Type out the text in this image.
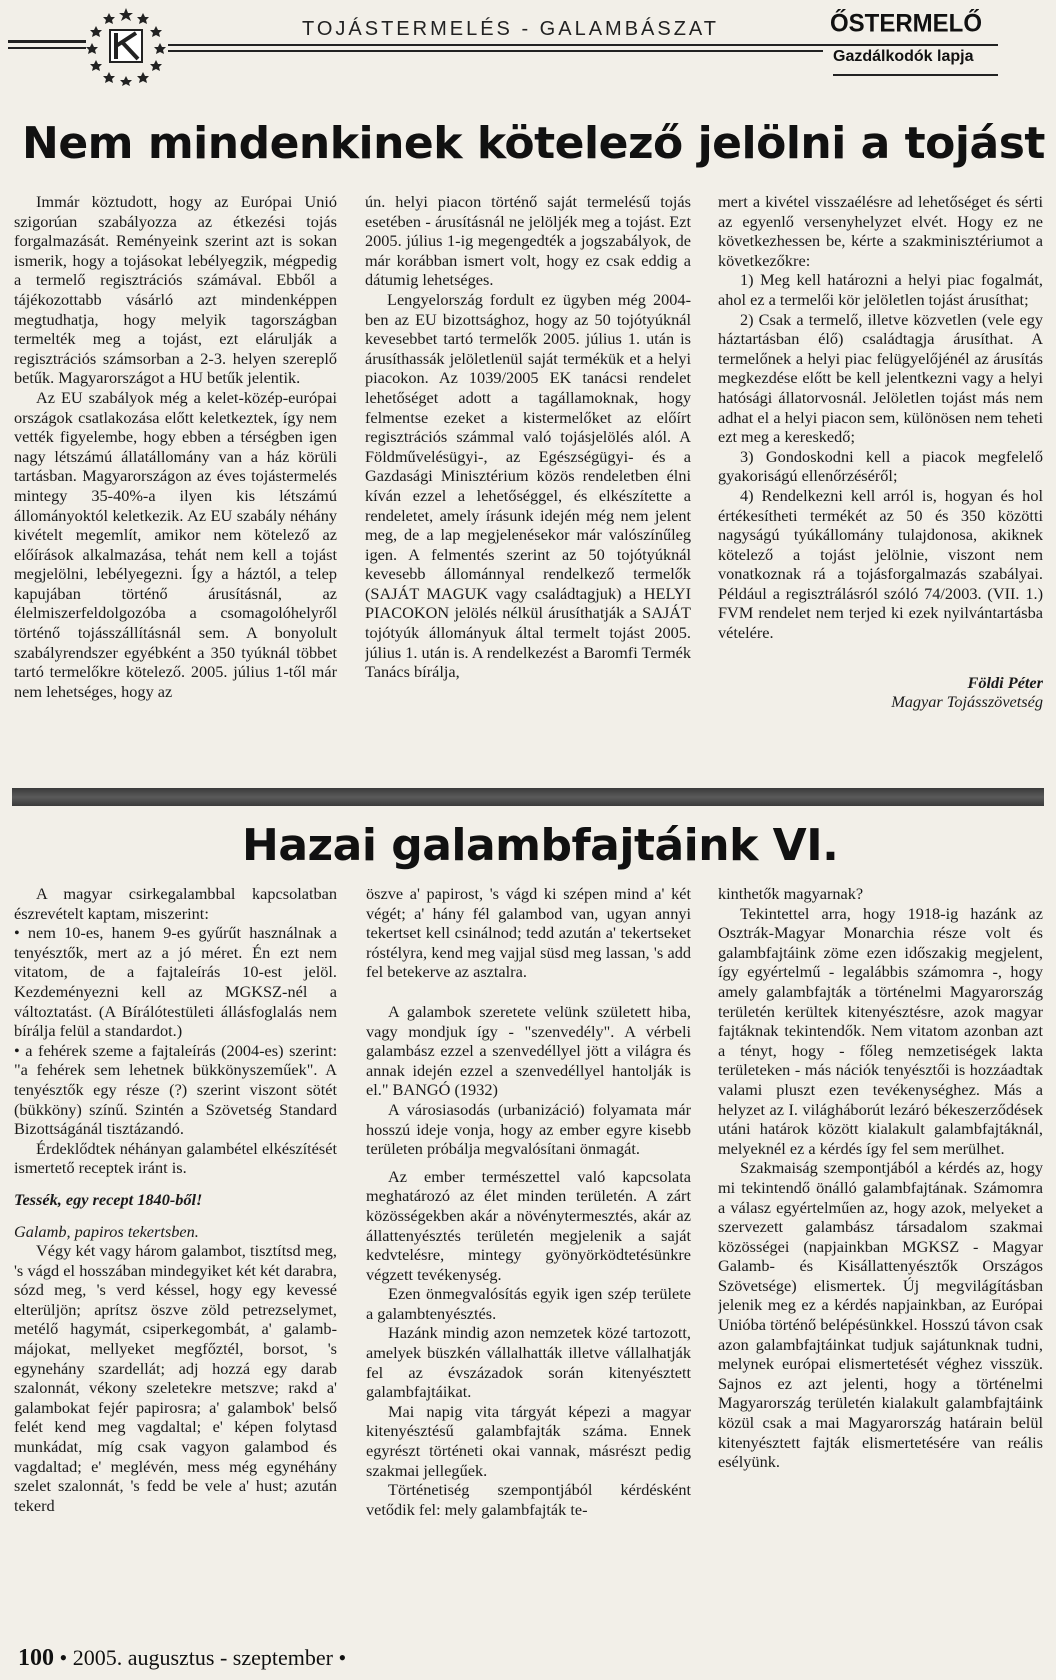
TOJÁSTERMELÉS - GALAMBÁSZAT	ŐSTERMELŐ
Gazdálkodók lapja
Nem mindenkinek kötelező jelölni a tojást

Immár köztudott, hogy az Európai Unió szigorúan szabályozza az étkezési tojás forgalmazását. Reményeink szerint azt is sokan ismerik, hogy a tojásokat lebélyegzik, mégpedig a termelő regisztrációs számával. Ebből a tájékozottabb vásárló azt mindenképpen megtudhatja, hogy melyik tagországban termelték meg a tojást, ezt elárulják a regisztrációs számsorban a 2-3. helyen szereplő betűk. Magyarországot a HU betűk jelentik.

Az EU szabályok még a kelet-közép-európai országok csatlakozása előtt keletkeztek, így nem vették figyelembe, hogy ebben a térségben igen nagy létszámú állatállomány van a ház körüli tartásban. Magyarországon az éves tojástermelés mintegy 35-40%-a ilyen kis létszámú állományoktól keletkezik. Az EU szabály néhány kivételt megemlít, amikor nem kötelező az előírások alkalmazása, tehát nem kell a tojást megjelölni, lebélyegezni. Így a háztól, a telep kapujában történő árusításnál, az élelmiszerfeldolgozóba a csomagolóhelyről történő tojásszállításnál sem. A bonyolult szabályrendszer egyébként a 350 tyúknál többet tartó termelőkre kötelező. 2005. július 1-től már nem lehetséges, hogy az

ún. helyi piacon történő saját termelésű tojás esetében - árusításnál ne jelöljék meg a tojást. Ezt 2005. július 1-ig megengedték a jogszabályok, de már korábban ismert volt, hogy ez csak eddig a dátumig lehetséges.

Lengyelország fordult ez ügyben még 2004-ben az EU bizottsághoz, hogy az 50 tojótyúknál kevesebbet tartó termelők 2005. július 1. után is árusíthassák jelöletlenül saját termékük et a helyi piacokon. Az 1039/2005 EK tanácsi rendelet lehetőséget adott a tagállamoknak, hogy felmentse ezeket a kistermelőket az előírt regisztrációs számmal való tojásjelölés alól. A Földművelésügyi-, az Egészségügyi- és a Gazdasági Minisztérium közös rendeletben élni kíván ezzel a lehetőséggel, és elkészítette a rendeletet, amely írásunk idején még nem jelent meg, de a lap megjelenésekor már valószínűleg igen. A felmentés szerint az 50 tojótyúknál kevesebb állománnyal rendelkező termelők (SAJÁT MAGUK vagy családtagjuk) a HELYI PIACOKON jelölés nélkül árusíthatják a SAJÁT tojótyúk állományuk által termelt tojást 2005. július 1. után is. A rendelkezést a Baromfi Termék Tanács bírálja,

mert a kivétel visszaélésre ad lehetőséget és sérti az egyenlő versenyhelyzet elvét. Hogy ez ne következhessen be, kérte a szakminisztériumot a következőkre:

1) Meg kell határozni a helyi piac fogalmát, ahol ez a termelői kör jelöletlen tojást árusíthat;

2) Csak a termelő, illetve közvetlen (vele egy háztartásban élő) családtagja árusíthat. A termelőnek a helyi piac felügyelőjénél az árusítás megkezdése előtt be kell jelentkezni vagy a helyi hatósági állatorvosnál. Jelöletlen tojást más nem adhat el a helyi piacon sem, különösen nem teheti ezt meg a kereskedő;

3) Gondoskodni kell a piacok megfelelő gyakoriságú ellenőrzéséről;

4) Rendelkezni kell arról is, hogyan és hol értékesítheti termékét az 50 és 350 közötti nagyságú tyúkállomány tulajdonosa, akiknek kötelező a tojást jelölnie, viszont nem vonatkoznak rá a tojásforgalmazás szabályai. Például a regisztrálásról szóló 74/2003. (VII. 1.) FVM rendelet nem terjed ki ezek nyilvántartásba vételére.

Földi Péter

Magyar Tojásszövetség

Hazai galambfajtáink VI.

A magyar csirkegalambbal kapcsolatban észrevételt kaptam, miszerint:

• nem 10-es, hanem 9-es gyűrűt használnak a tenyésztők, mert az a jó méret. Én ezt nem vitatom, de a fajtaleírás 10-est jelöl. Kezdeményezni kell az MGKSZ-nél a változtatást. (A Bírálótestületi állásfoglalás nem bírálja felül a standardot.)

• a fehérek szeme a fajtaleírás (2004-es) szerint: "a fehérek sem lehetnek bükkönyszeműek". A tenyésztők egy része (?) szerint viszont sötét (bükköny) színű. Szintén a Szövetség Standard Bizottságánál tisztázandó.

Érdeklődtek néhányan galambétel elkészítését ismertető receptek iránt is.

Tessék, egy recept 1840-ből!

Galamb, papiros tekertsben.

Végy két vagy három galambot, tisztítsd meg, 's vágd el hosszában mindegyiket két két darabra, sózd meg, 's verd késsel, hogy egy kevessé elterüljön; aprítsz öszve zöld petrezselymet, metélő hagymát, csiperkegombát, a' galamb-májokat, mellyeket megfőztél, borsot, 's egynehány szardellát; adj hozzá egy darab szalonnát, vékony szeletekre metszve; rakd a' galambokat fejér papirosra; a' galambok' belső felét kend meg vagdaltal; e' képen folytasd munkádat, míg csak vagyon galambod és vagdaltad; e' meglévén, mess még egynéhány szelet szalonnát, 's fedd be vele a' hust; azután tekerd

öszve a' papirost, 's vágd ki szépen mind a' két végét; a' hány fél galambod van, ugyan annyi tekertset kell csinálnod; tedd azután a' tekertseket róstélyra, kend meg vajjal süsd meg lassan, 's add fel betekerve az asztalra.

A galambok szeretete velünk született hiba, vagy mondjuk így - "szenvedély". A vérbeli galambász ezzel a szenvedéllyel jött a világra és annak idején ezzel a szenvedéllyel hantolják is el." BANGÓ (1932)

A városiasodás (urbanizáció) folyamata már hosszú ideje vonja, hogy az ember egyre kisebb területen próbálja megvalósítani önmagát.

Az ember természettel való kapcsolata meghatározó az élet minden területén. A zárt közösségekben akár a növénytermesztés, akár az állattenyésztés területén megjelenik a saját kedvtelésre, mintegy gyönyörködtetésünkre végzett tevékenység.

Ezen önmegvalósítás egyik igen szép területe a galambtenyésztés.

Hazánk mindig azon nemzetek közé tartozott, amelyek büszkén vállalhatták illetve vállalhatják fel az évszázadok során kitenyésztett galambfajtáikat.

Mai napig vita tárgyát képezi a magyar kitenyésztésű galambfajták száma. Ennek egyrészt történeti okai vannak, másrészt pedig szakmai jellegűek.

Történetiség szempontjából kérdésként vetődik fel: mely galambfajták te-

kinthetők magyarnak?

Tekintettel arra, hogy 1918-ig hazánk az Osztrák-Magyar Monarchia része volt és galambfajtáink zöme ezen időszakig megjelent, így egyértelmű - legalábbis számomra -, hogy amely galambfajták a történelmi Magyarország területén kerültek kitenyésztésre, azok magyar fajtáknak tekintendők. Nem vitatom azonban azt a tényt, hogy - főleg nemzetiségek lakta területeken - más nációk tenyésztői is hozzáadtak valami pluszt ezen tevékenységhez. Más a helyzet az I. világháborút lezáró békeszerződések utáni határok között kialakult galambfajtáknál, melyeknél ez a kérdés így fel sem merülhet.

Szakmaiság szempontjából a kérdés az, hogy mi tekintendő önálló galambfajtának. Számomra a válasz egyértelműen az, hogy azok, melyeket a szervezett galambász társadalom szakmai közösségei (napjainkban MGKSZ - Magyar Galamb- és Kisállattenyésztők Országos Szövetsége) elismertek. Új megvilágításban jelenik meg ez a kérdés napjainkban, az Európai Unióba történő belépésünkkel. Hosszú távon csak azon galambfajtáinkat tudjuk sajátunknak tudni, melynek európai elismertetését véghez visszük. Sajnos ez azt jelenti, hogy a történelmi Magyarország területén kialakult galambfajtáink közül csak a mai Magyarország határain belül kitenyésztett fajták elismertetésére van reális esélyünk.

100 • 2005. augusztus - szeptember •
